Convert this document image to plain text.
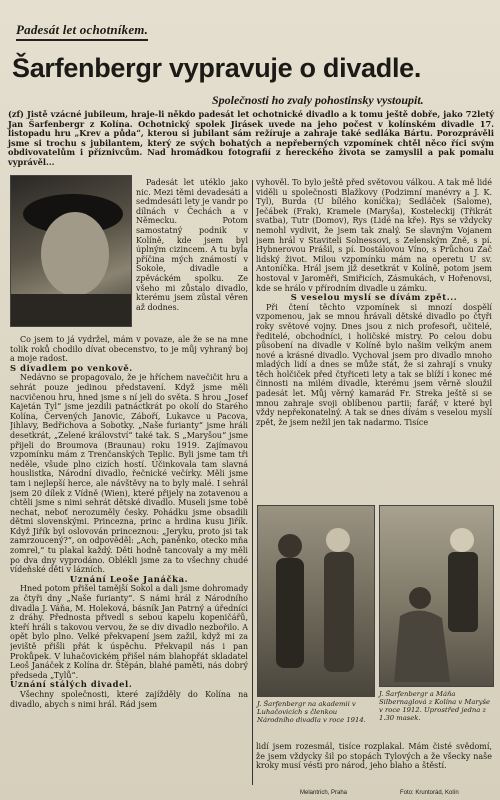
Padesát let ochotníkem.
Šarfenbergr vypravuje o divadle.
Společnosti ho zvaly pohostinsky vystoupit.
(zf) Jistě vzácné jubileum, hraje-li někdo padesát let ochotnické divadlo a k tomu ještě dobře, jako 72letý Jan Šarfenbergr z Kolína. Ochotnický spolek Jirásek uvede na jeho počest v kolínském divadle 17. listopadu hru „Krev a půda“, kterou si jubilant sám režíruje a zahraje také sedláka Bártu. Porozprávěli jsme si trochu s jubilantem, který ze svých bohatých a nepřeberných vzpomínek chtěl něco říci svým obdivovatelům i příznivcům. Nad hromádkou fotografií z hereckého života se zamyslil a pak pomalu vyprávěl...

Padesát let utéklo jako nic. Mezi těmi devadesáti a sedmdesáti lety je vandr po dílnách v Čechách a v Německu. Potom samostatný podnik v Kolíně, kde jsem byl úplným cizincem. A tu byla příčina mých známostí v Sokole, divadle a zpěváckém spolku. Ze všeho mi zůstalo divadlo, kterému jsem zůstal věren až dodnes.

Co jsem to já vydržel, mám v povaze, ale že se na mne tolik roků chodilo dívat obecenstvo, to je můj vyhraný boj a moje radost.

S divadlem po venkově.

Nedávno se propagovalo, že je hříchem navečičit hru a sehrát pouze jedinou představení. Když jsme měli nacvičenou hru, hned jsme s ní jeli do světa. S hrou „Josef Kajetán Tyl“ jsme jezdili patnáctkrát po okolí do Starého Kolína, Červených Janovic, Záboří, Lukavce u Pacova, Jihlavy, Bedřichova a Sobotky. „Naše furianty“ jsme hráli desetkrát, „Zelené království“ také tak. S „Maryšou“ jsme přijeli do Broumova (Braunau) roku 1919. Zajímavou vzpomínku mám z Trenčanských Teplic. Byli jsme tam tři neděle, všude plno cizích hostí. Účinkovala tam slavná houslistka, Národní divadlo, řečnické večírky. Měli jsme tam i nejlepší herce, ale návštěvy na to byly malé. I sehrál jsem 20 dílek z Vídně (Wien), které přijely na zotavenou a chtěli jsme s nimi sehrát dětské divadlo. Museli jsme tobě nechat, neboť nerozuměly česky. Pohádku jsme obsadili dětmi slovenskými. Princezna, princ a hrdina kusu Jiřík. Když Jiřík byl oslovován princeznou: „Jeryku, proto jsi tak zamrzoucený?“, on odpověděl: „Ach, paněnko, otecko mňa zomrel,“ tu plakal každý. Děti hodně tancovaly a my měli po dva dny vyprodáno. Oblékli jsme za to všechny chudé vídeňské děti v lázních.

Uznání Leoše Janáčka.

Hned potom přišel tamější Sokol a dali jsme dohromady za čtyři dny „Naše furianty“. S námi hrál z Národního divadla J. Váňa, M. Holeková, básník Jan Patrný a úředníci z dráhy. Přednosta přivedl s sebou kapelu kopeničářů, kteří hráli s takovou vervou, že se div divadlo nezbořilo. A opět bylo plno. Velké překvapení jsem zažil, když mi za jeviště přišli přát k úspěchu. Překvapil nás i pan Prokůpek. V luhačovickém přišel nám blahopřát skladatel Leoš Janáček z Kolína dr. Štěpán, blahé paměti, nás dobrý předseda „Tylů“.

Uznání stálých divadel.

Všechny společnosti, které zajížděly do Kolína na divadlo, abych s nimi hrál. Rád jsem

vyhověl. To bylo ještě před světovou válkou. A tak mě lidé viděli u společnosti Blažkovy (Podzimní manévry a J. K. Tyl), Burda (U bílého koníčka); Sedláček (Salome), Ječábek (Frak), Kramele (Maryša), Kosteleckij (Třikrát svatba), Tutr (Domov), Rys (Lidé na kře). Rys se vždycky nemohl vydivit, že jsem tak znalý. Se slavným Vojanem jsem hrál v Staviteli Solnessovi, s Zelenským Zně, s pí. Hybnerovou Prášil, s pí. Dostálovou Víno, s Průchou Zač lidský život. Milou vzpomínku mám na operetu U sv. Antoníčka. Hrál jsem již desetkrát v Kolíně, potom jsem hostoval v Jaroměři, Smiřicích, Zásmukách, v Hořenovsi, kde se hrálo v přírodním divadle u zámku.

S veselou myslí se dívám zpět...

Při čtení těchto vzpomínek si mnozí dospělí vzpomenou, jak se mnou hrávali dětské divadlo po čtyři roky světové vojny. Dnes jsou z nich profesoři, učitelé, ředitelé, obchodníci, i holičské mistry. Po celou dobu působení na divadle v Kolíně bylo našim velkým anem nové a krásné divadlo. Vychoval jsem pro divadlo mnoho mladých lidí a dnes se může stát, že si zahrají s vnuky těch holčiček před čtyřiceti lety a tak se blíží i konec mé činnosti na milém divadle, kterému jsem věrně sloužil padesát let. Můj věrný kamarád Fr. Streka ještě si se mnou zahraje svoji oblíbenou partii; farář, v které byl vždy nepřekonatelný. A tak se dnes dívám s veselou myslí zpět, že jsem nežil jen tak nadarmo. Tisíce

J. Šarfenbergr na akademii v Luhačovicích s členkou Národního divadla v roce 1914.
J. Šarfenbergr a Máňa Silbernaglová z Kolína v Maryše v roce 1912. Uprostřed jedna z 1.30 masek.

lidí jsem rozesmál, tisíce rozplakal. Mám čisté svědomí, že jsem vždycky šil po stopách Tylových a že všecky naše kroky musí vésti pro národ, jeho blaho a štěstí.

Melantrich, Praha	Foto: Kruntorád, Kolín
